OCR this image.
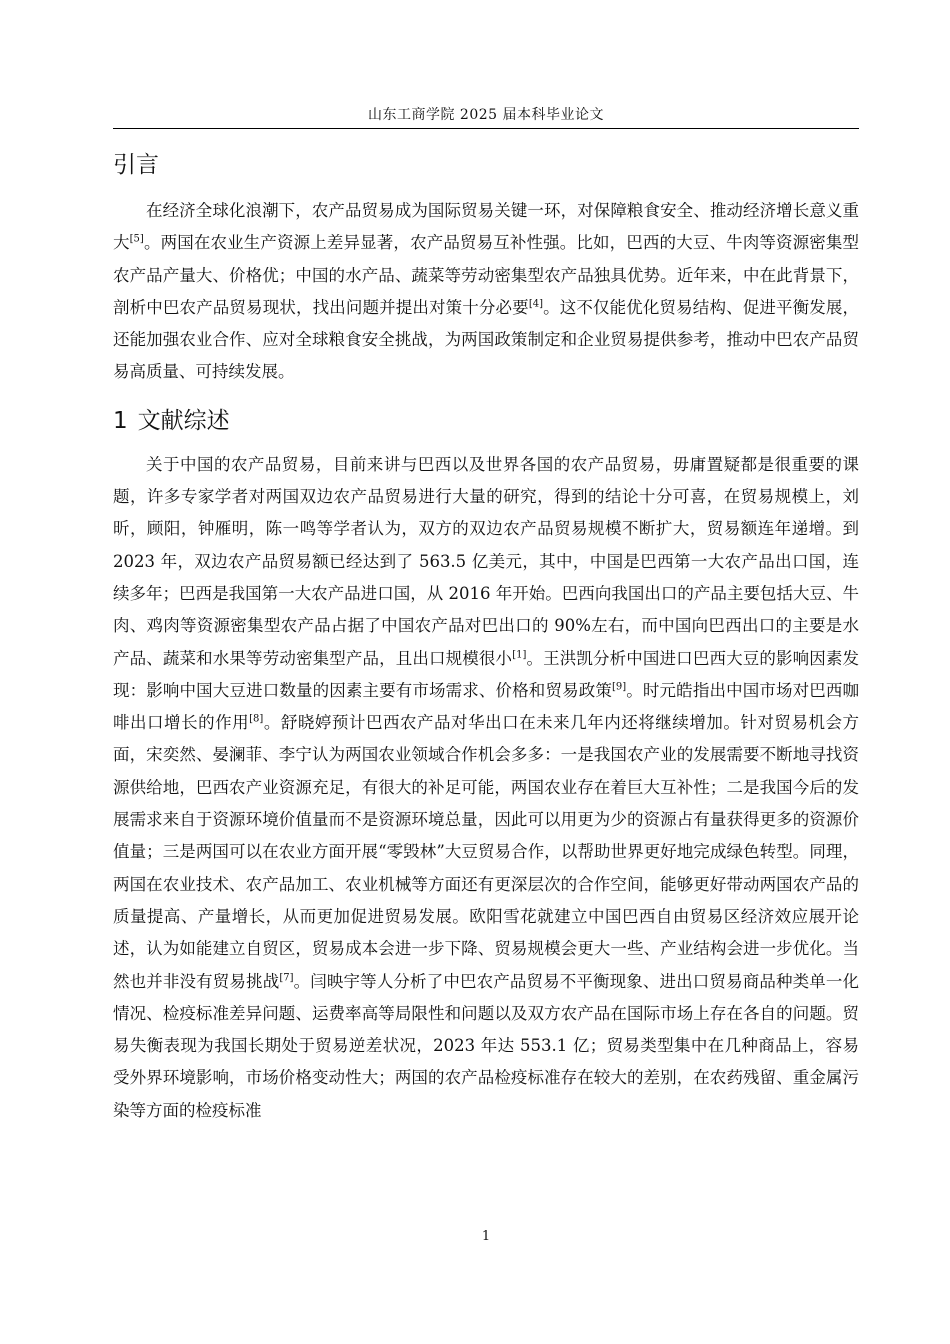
山东工商学院 2025 届本科毕业论文
引言

在经济全球化浪潮下，农产品贸易成为国际贸易关键一环，对保障粮食安全、推动经济增长意义重大[5]。两国在农业生产资源上差异显著，农产品贸易互补性强。比如，巴西的大豆、牛肉等资源密集型农产品产量大、价格优；中国的水产品、蔬菜等劳动密集型农产品独具优势。近年来，中在此背景下，剖析中巴农产品贸易现状，找出问题并提出对策十分必要[4]。这不仅能优化贸易结构、促进平衡发展，还能加强农业合作、应对全球粮食安全挑战，为两国政策制定和企业贸易提供参考，推动中巴农产品贸易高质量、可持续发展。

1 文献综述

关于中国的农产品贸易，目前来讲与巴西以及世界各国的农产品贸易，毋庸置疑都是很重要的课题，许多专家学者对两国双边农产品贸易进行大量的研究，得到的结论十分可喜，在贸易规模上，刘昕，顾阳，钟雁明，陈一鸣等学者认为，双方的双边农产品贸易规模不断扩大，贸易额连年递增。到 2023 年，双边农产品贸易额已经达到了 563.5 亿美元，其中，中国是巴西第一大农产品出口国，连续多年；巴西是我国第一大农产品进口国，从 2016 年开始。巴西向我国出口的产品主要包括大豆、牛肉、鸡肉等资源密集型农产品占据了中国农产品对巴出口的 90%左右，而中国向巴西出口的主要是水产品、蔬菜和水果等劳动密集型产品，且出口规模很小[1]。王洪凯分析中国进口巴西大豆的影响因素发现：影响中国大豆进口数量的因素主要有市场需求、价格和贸易政策[9]。时元皓指出中国市场对巴西咖啡出口增长的作用[8]。舒晓婷预计巴西农产品对华出口在未来几年内还将继续增加。针对贸易机会方面，宋奕然、晏澜菲、李宁认为两国农业领域合作机会多多：一是我国农产业的发展需要不断地寻找资源供给地，巴西农产业资源充足，有很大的补足可能，两国农业存在着巨大互补性；二是我国今后的发展需求来自于资源环境价值量而不是资源环境总量，因此可以用更为少的资源占有量获得更多的资源价值量；三是两国可以在农业方面开展“零毁林”大豆贸易合作，以帮助世界更好地完成绿色转型。同理，两国在农业技术、农产品加工、农业机械等方面还有更深层次的合作空间，能够更好带动两国农产品的质量提高、产量增长，从而更加促进贸易发展。欧阳雪花就建立中国巴西自由贸易区经济效应展开论述，认为如能建立自贸区，贸易成本会进一步下降、贸易规模会更大一些、产业结构会进一步优化。当然也并非没有贸易挑战[7]。闫映宇等人分析了中巴农产品贸易不平衡现象、进出口贸易商品种类单一化情况、检疫标准差异问题、运费率高等局限性和问题以及双方农产品在国际市场上存在各自的问题。贸易失衡表现为我国长期处于贸易逆差状况，2023 年达 553.1 亿；贸易类型集中在几种商品上，容易受外界环境影响，市场价格变动性大；两国的农产品检疫标准存在较大的差别，在农药残留、重金属污染等方面的检疫标准

1
